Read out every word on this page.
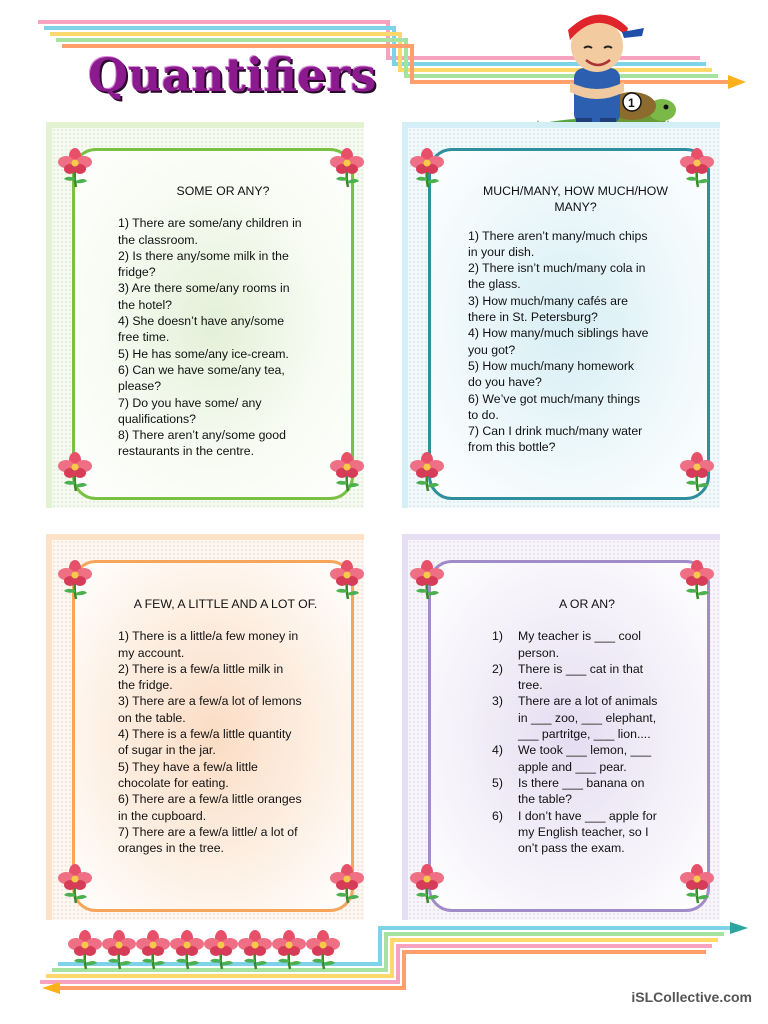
Quantifiers
1
SOME OR ANY?
1) There are some/any children in
the classroom.
2) Is there any/some milk in the
fridge?
3) Are there some/any rooms in
the hotel?
4) She doesn’t have any/some
free time.
5) He has some/any ice-cream.
6) Can we have some/any tea,
please?
7) Do you have some/ any
qualifications?
8) There aren’t any/some good
restaurants in the centre.
MUCH/MANY, HOW MUCH/HOW
MANY?
1) There aren’t many/much chips
in your dish.
2) There isn’t much/many cola in
the glass.
3) How much/many cafés are
there in St. Petersburg?
4) How many/much siblings have
you got?
5) How much/many homework
do you have?
6) We’ve got much/many things
to do.
7) Can I drink much/many water
from this bottle?
A FEW, A LITTLE AND A LOT OF.
1) There is a little/a few money in
my account.
2) There is a few/a little milk in
the fridge.
3) There are a few/a lot of lemons
on the table.
4) There is a few/a little quantity
of sugar in the jar.
5) They have a few/a little
chocolate for eating.
6) There are a few/a little oranges
in the cupboard.
7) There are a few/a little/ a lot of
oranges in the tree.
A OR AN?
1)	My teacher is ___ cool
person.
2)	There is ___ cat in that
tree.
3)	There are a lot of animals
in ___ zoo, ___ elephant,
___ partritge, ___ lion....
4)	We took ___ lemon, ___
apple and ___ pear.
5)	Is there ___ banana on
the table?
6)	I don’t have ___ apple for
my English teacher, so I
on’t pass the exam.
iSLCollective.com
